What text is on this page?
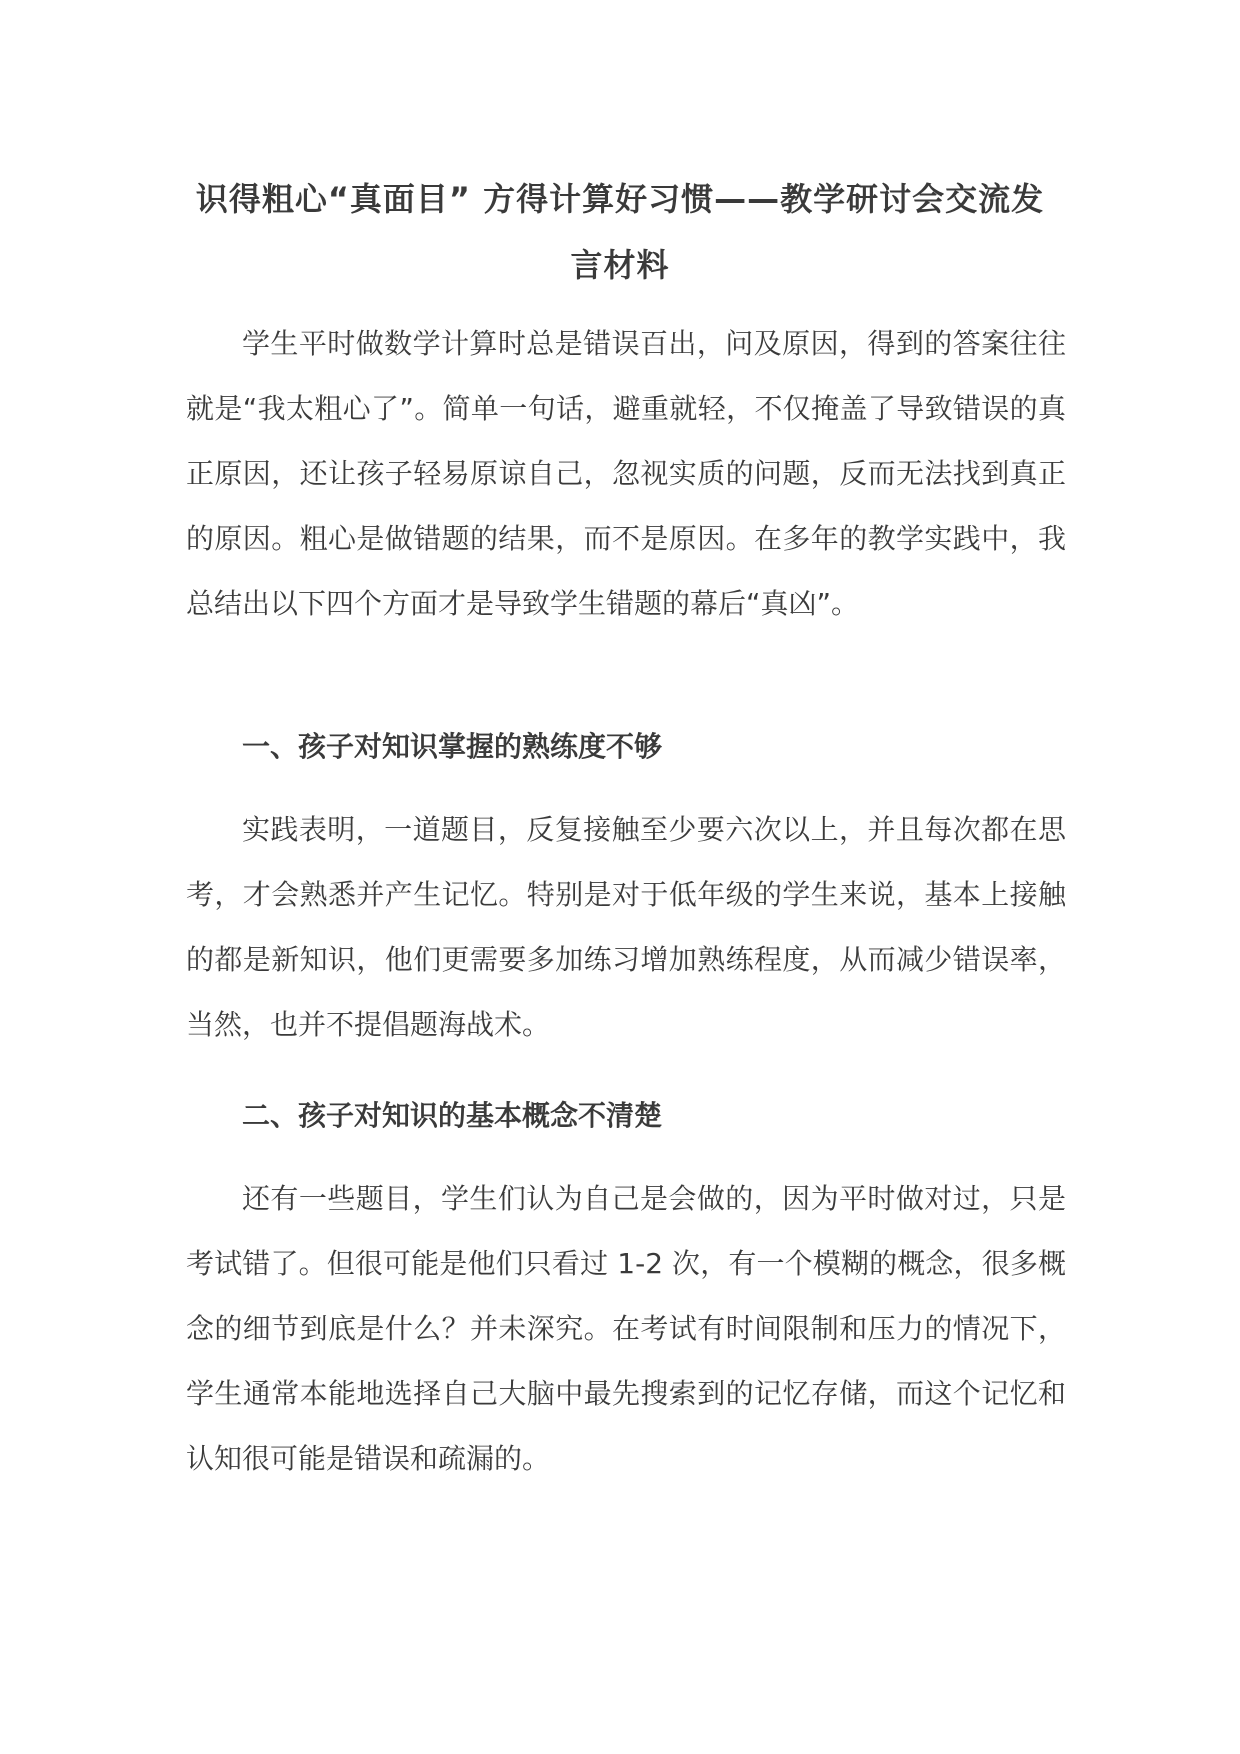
识得粗心“真面目” 方得计算好习惯——教学研讨会交流发言材料

学生平时做数学计算时总是错误百出，问及原因，得到的答案往往就是“我太粗心了”。简单一句话，避重就轻，不仅掩盖了导致错误的真正原因，还让孩子轻易原谅自己，忽视实质的问题，反而无法找到真正的原因。粗心是做错题的结果，而不是原因。在多年的教学实践中，我总结出以下四个方面才是导致学生错题的幕后“真凶”。

一、孩子对知识掌握的熟练度不够

实践表明，一道题目，反复接触至少要六次以上，并且每次都在思考，才会熟悉并产生记忆。特别是对于低年级的学生来说，基本上接触的都是新知识，他们更需要多加练习增加熟练程度，从而减少错误率，当然，也并不提倡题海战术。

二、孩子对知识的基本概念不清楚

还有一些题目，学生们认为自己是会做的，因为平时做对过，只是考试错了。但很可能是他们只看过 1-2 次，有一个模糊的概念，很多概念的细节到底是什么？并未深究。在考试有时间限制和压力的情况下，学生通常本能地选择自己大脑中最先搜索到的记忆存储，而这个记忆和认知很可能是错误和疏漏的。
